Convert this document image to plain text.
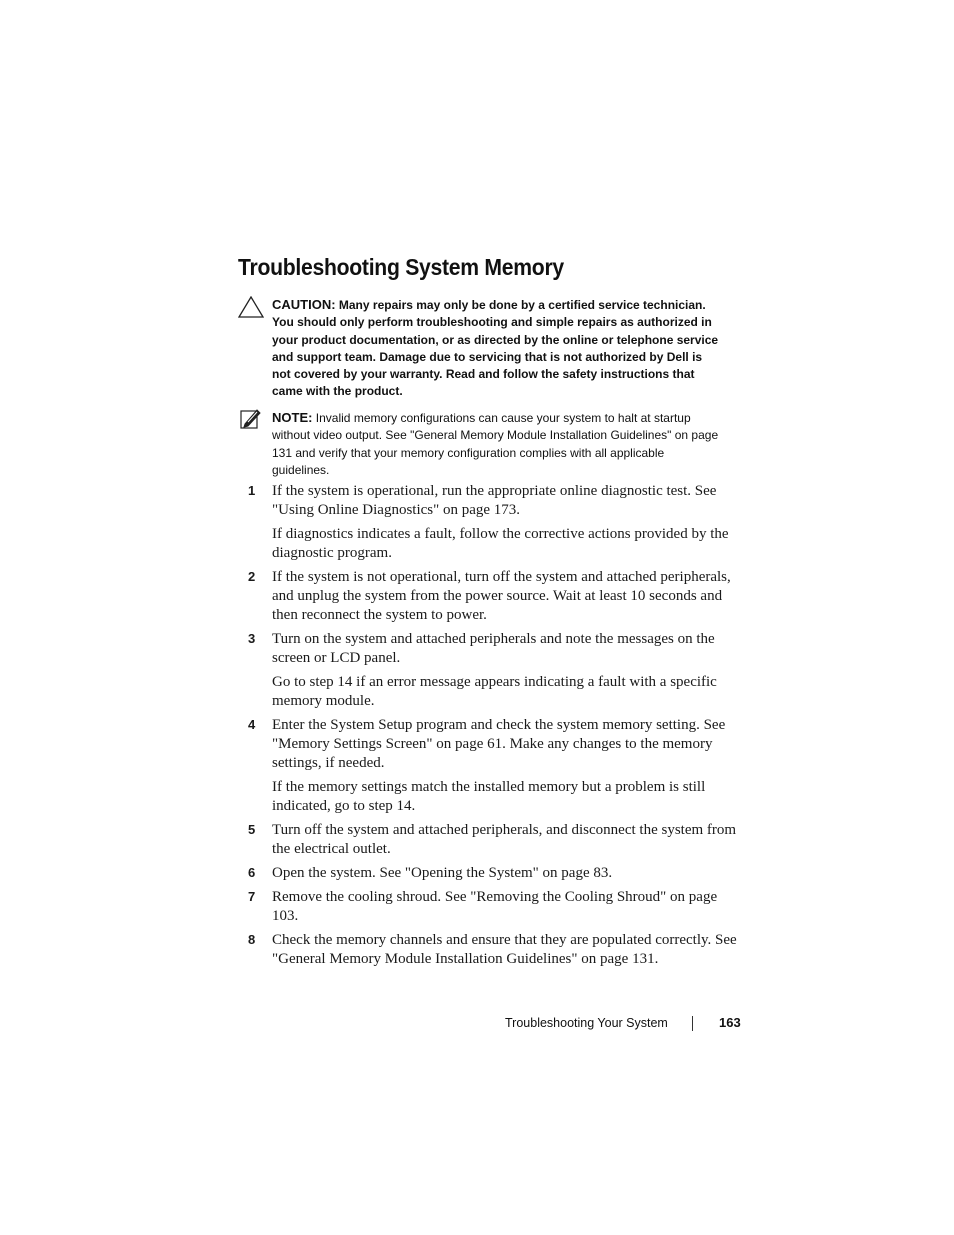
Troubleshooting System Memory

CAUTION: Many repairs may only be done by a certified service technician. You should only perform troubleshooting and simple repairs as authorized in your product documentation, or as directed by the online or telephone service and support team. Damage due to servicing that is not authorized by Dell is not covered by your warranty. Read and follow the safety instructions that came with the product.

NOTE: Invalid memory configurations can cause your system to halt at startup without video output. See "General Memory Module Installation Guidelines" on page 131 and verify that your memory configuration complies with all applicable guidelines.

1 If the system is operational, run the appropriate online diagnostic test. See "Using Online Diagnostics" on page 173.

If diagnostics indicates a fault, follow the corrective actions provided by the diagnostic program.

2 If the system is not operational, turn off the system and attached peripherals, and unplug the system from the power source. Wait at least 10 seconds and then reconnect the system to power.

3 Turn on the system and attached peripherals and note the messages on the screen or LCD panel.

Go to step 14 if an error message appears indicating a fault with a specific memory module.

4 Enter the System Setup program and check the system memory setting. See "Memory Settings Screen" on page 61. Make any changes to the memory settings, if needed.

If the memory settings match the installed memory but a problem is still indicated, go to step 14.

5 Turn off the system and attached peripherals, and disconnect the system from the electrical outlet.

6 Open the system. See "Opening the System" on page 83.

7 Remove the cooling shroud. See "Removing the Cooling Shroud" on page 103.

8 Check the memory channels and ensure that they are populated correctly. See "General Memory Module Installation Guidelines" on page 131.

Troubleshooting Your System	163
